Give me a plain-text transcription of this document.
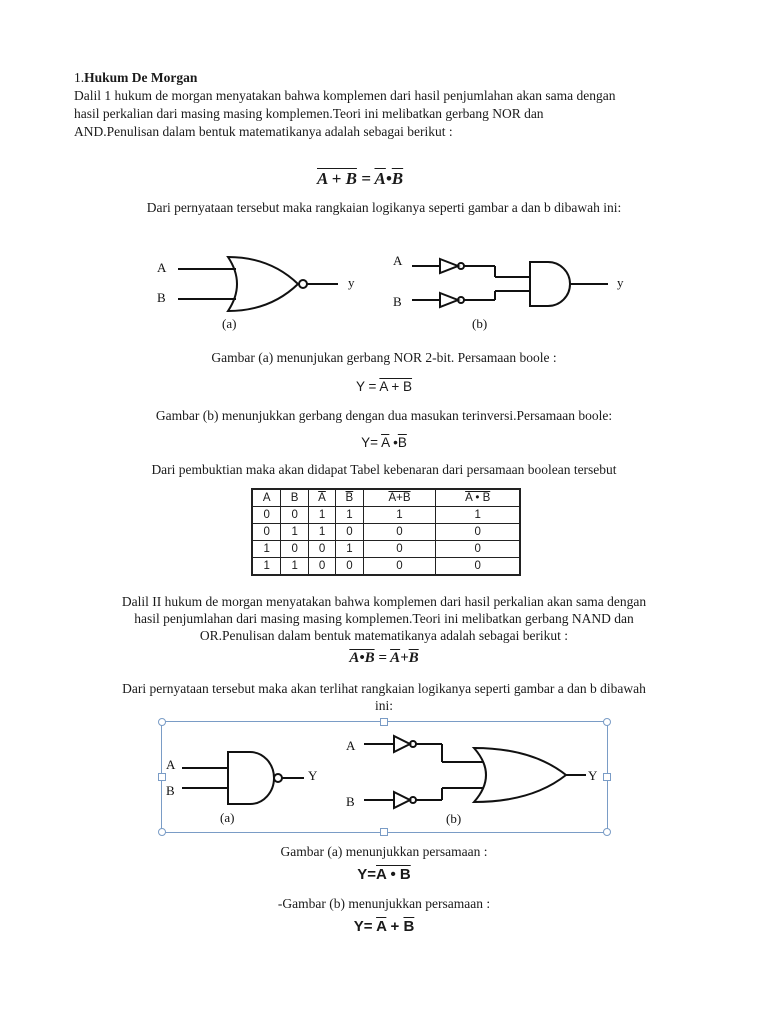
1.Hukum De Morgan
Dalil 1 hukum de morgan menyatakan bahwa komplemen dari hasil penjumlahan akan sama dengan
hasil perkalian dari masing masing komplemen.Teori ini melibatkan gerbang NOR dan
AND.Penulisan dalam bentuk matematikanya adalah sebagai berikut :
$A + B = \overline{A}•\overline{B}$
Dari pernyataan tersebut maka rangkaian logikanya seperti gambar a dan b dibawah ini:
A
B
y
(a)
A
B
y
(b)
Gambar (a) menunjukan gerbang NOR 2-bit. Persamaan boole :
Y = A + B
Gambar (b) menunjukkan gerbang dengan dua masukan terinversi.Persamaan boole:
$Y= \overline{A}$ $•\overline{B}$
Dari pembuktian maka akan didapat Tabel kebenaran dari persamaan boolean tersebut
A	B	$\overline{A}$	$\overline{B}$	A+B	A • B
0	0	1	1	1	1
0	1	1	0	0	0
1	0	0	1	0	0
1	1	0	0	0	0
Dalil II hukum de morgan menyatakan bahwa komplemen dari hasil perkalian akan sama dengan
hasil penjumlahan dari masing masing komplemen.Teori ini melibatkan gerbang NAND dan
OR.Penulisan dalam bentuk matematikanya adalah sebagai berikut :
A•B = $\overline{A}+\overline{B}$
Dari pernyataan tersebut maka akan terlihat rangkaian logikanya seperti gambar a dan b dibawah
ini:
A
B
Y
(a)
A
B
Y
(b)
Gambar (a) menunjukkan persamaan :
Y=A • B
-Gambar (b) menunjukkan persamaan :
$Y= \overline{A} + \overline{B}$
